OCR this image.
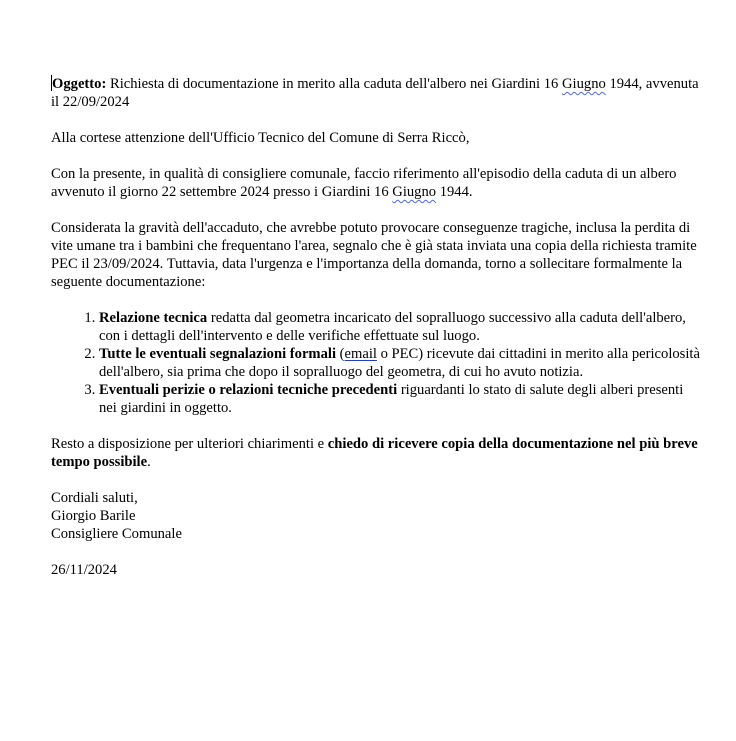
Oggetto: Richiesta di documentazione in merito alla caduta dell'albero nei Giardini 16 Giugno 1944, avvenuta il 22/09/2024

Alla cortese attenzione dell'Ufficio Tecnico del Comune di Serra Riccò,

Con la presente, in qualità di consigliere comunale, faccio riferimento all'episodio della caduta di un albero avvenuto il giorno 22 settembre 2024 presso i Giardini 16 Giugno 1944.

Considerata la gravità dell'accaduto, che avrebbe potuto provocare conseguenze tragiche, inclusa la perdita di vite umane tra i bambini che frequentano l'area, segnalo che è già stata inviata una copia della richiesta tramite PEC il 23/09/2024. Tuttavia, data l'urgenza e l'importanza della domanda, torno a sollecitare formalmente la seguente documentazione:

1. Relazione tecnica redatta dal geometra incaricato del sopralluogo successivo alla caduta dell'albero, con i dettagli dell'intervento e delle verifiche effettuate sul luogo.
2. Tutte le eventuali segnalazioni formali (email o PEC) ricevute dai cittadini in merito alla pericolosità dell'albero, sia prima che dopo il sopralluogo del geometra, di cui ho avuto notizia.
3. Eventuali perizie o relazioni tecniche precedenti riguardanti lo stato di salute degli alberi presenti nei giardini in oggetto.

Resto a disposizione per ulteriori chiarimenti e chiedo di ricevere copia della documentazione nel più breve tempo possibile.

Cordiali saluti,

Giorgio Barile

Consigliere Comunale

26/11/2024
